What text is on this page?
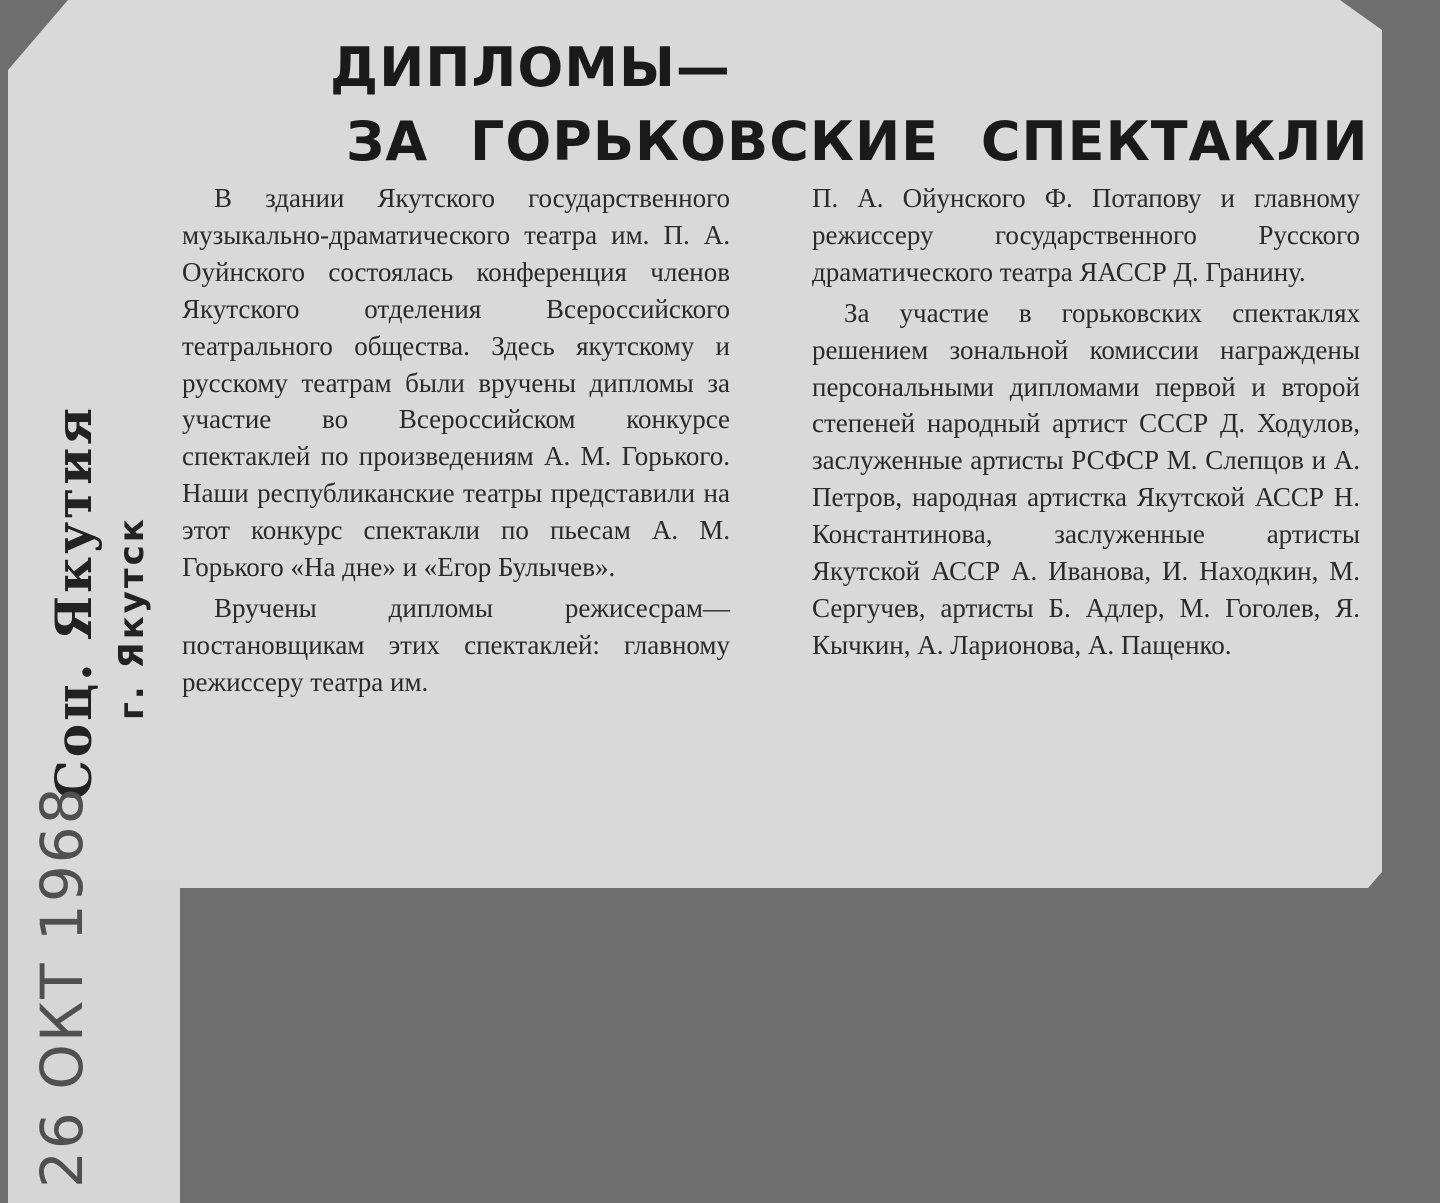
ДИПЛОМЫ—
ЗА ГОРЬКОВСКИЕ СПЕКТАКЛИ

В здании Якутского государственного музыкально-драматического театра им. П. А. Оуйнского состоялась конференция членов Якутского отделения Всероссийского театрального общества. Здесь якутскому и русскому театрам были вручены дипломы за участие во Всероссийском конкурсе спектаклей по произведениям А. М. Горького. Наши республиканские театры представили на этот конкурс спектакли по пьесам А. М. Горького «На дне» и «Егор Булычев».

Вручены дипломы режисесрам—постановщикам этих спектаклей: главному режиссеру театра им.

П. А. Ойунского Ф. Потапову и главному режиссеру государственного Русского драматического театра ЯАССР Д. Гранину.

За участие в горьковских спектаклях решением зональной комиссии награждены персональными дипломами первой и второй степеней народный артист СССР Д. Ходулов, заслуженные артисты РСФСР М. Слепцов и А. Петров, народная артистка Якутской АССР Н. Константинова, заслуженные артисты Якутской АССР А. Иванова, И. Находкин, М. Сергучев, артисты Б. Адлер, М. Гоголев, Я. Кычкин, А. Ларионова, А. Пащенко.

Соц. Якутия г. Якутск
26 ОКТ 1968
